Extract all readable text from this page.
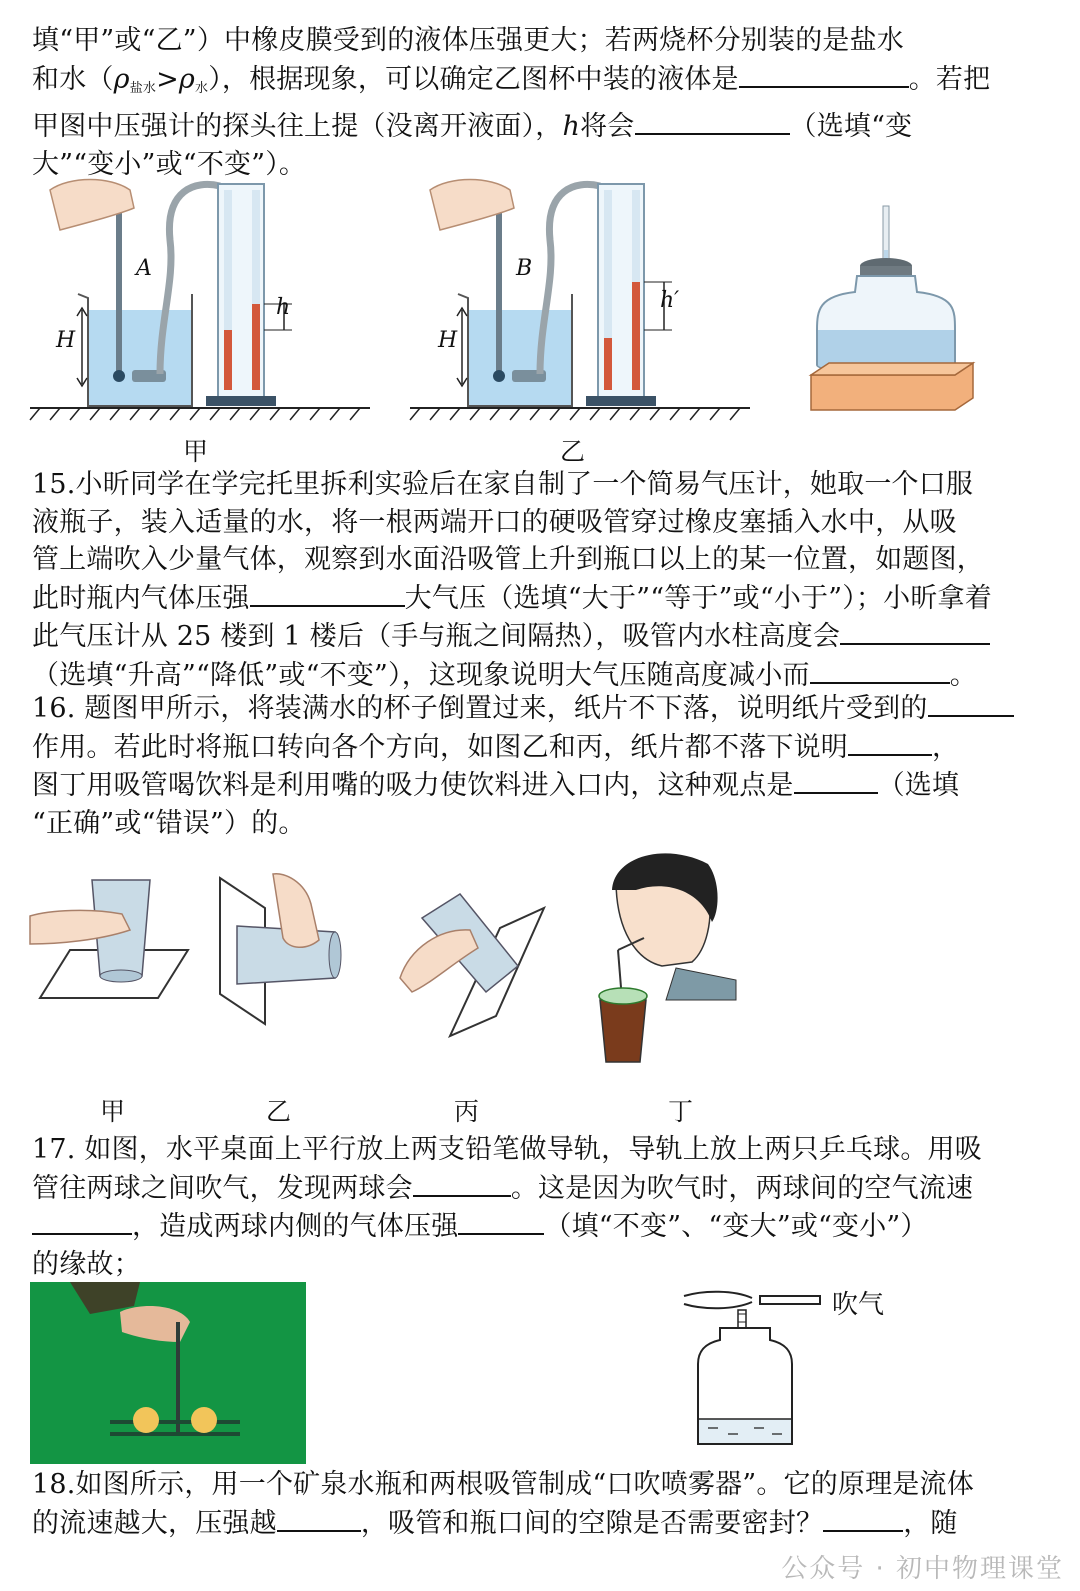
填“甲”或“乙”）中橡皮膜受到的液体压强更大；若两烧杯分别装的是盐水
和水$(\rho_{盐水}>\rho_水)$，根据现象，可以确定乙图杯中装的液体是	。若把
甲图中压强计的探头往上提（没离开液面），h将会	（选填“变
大”“变小”或“不变”）。
A
H
h
甲
B
H
h′
乙
15.小昕同学在学完托里拆利实验后在家自制了一个简易气压计，她取一个口服
液瓶子，装入适量的水，将一根两端开口的硬吸管穿过橡皮塞插入水中，从吸
管上端吹入少量气体，观察到水面沿吸管上升到瓶口以上的某一位置，如题图，
此时瓶内气体压强	大气压（选填“大于”“等于”或“小于”）；小昕拿着
此气压计从 25 楼到 1 楼后（手与瓶之间隔热），吸管内水柱高度会
（选填“升高”“降低”或“不变”），这现象说明大气压随高度减小而	。
16. 题图甲所示，将装满水的杯子倒置过来，纸片不下落，说明纸片受到的
作用。若此时将瓶口转向各个方向，如图乙和丙，纸片都不落下说明	，
图丁用吸管喝饮料是利用嘴的吸力使饮料进入口内，这种观点是	（选填
“正确”或“错误”）的。
甲	乙	丙	丁
17. 如图，水平桌面上平行放上两支铅笔做导轨，导轨上放上两只乒乓球。用吸
管往两球之间吹气，发现两球会	。这是因为吹气时，两球间的空气流速
，造成两球内侧的气体压强	（填“不变”、“变大”或“变小”）
的缘故；
吹气
18.如图所示，用一个矿泉水瓶和两根吸管制成“口吹喷雾器”。它的原理是流体
的流速越大，压强越	，吸管和瓶口间的空隙是否需要密封？	，随
公众号 · 初中物理课堂
